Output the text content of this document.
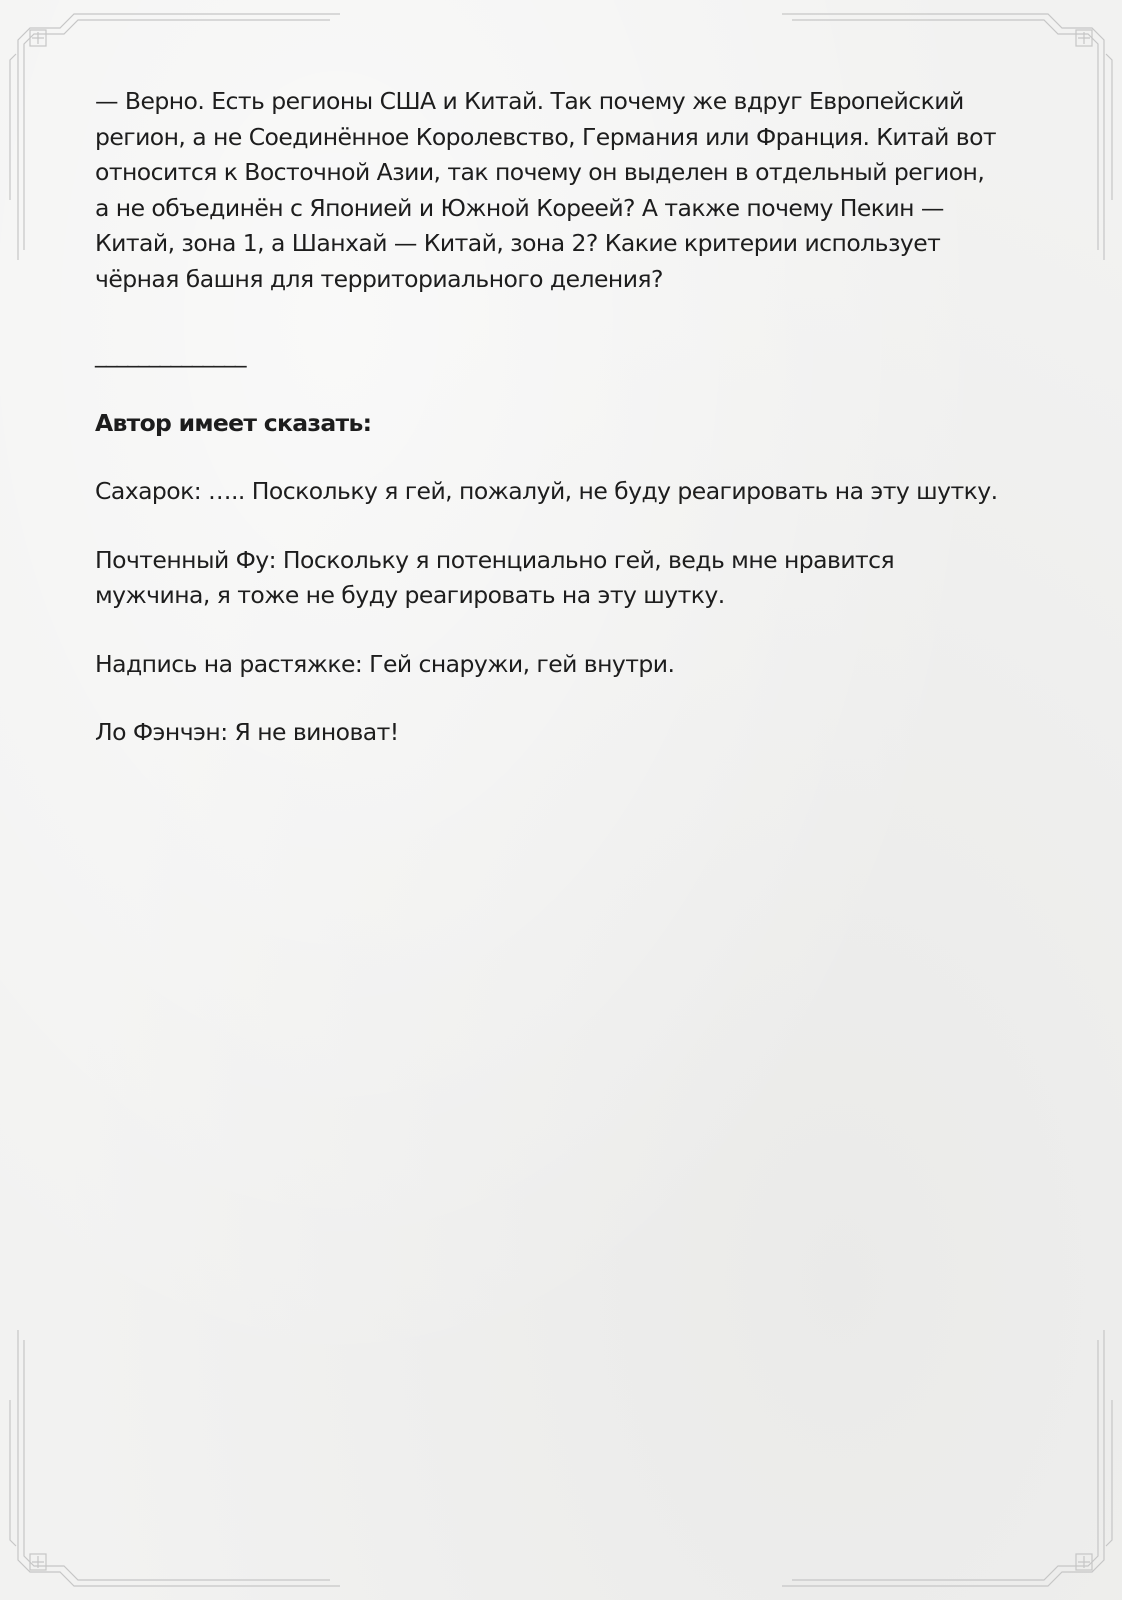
— Верно. Есть регионы США и Китай. Так почему же вдруг Европейский
регион, а не Соединённое Королевство, Германия или Франция. Китай вот
относится к Восточной Азии, так почему он выделен в отдельный регион,
а не объединён с Японией и Южной Кореей? А также почему Пекин —
Китай, зона 1, а Шанхай — Китай, зона 2? Какие критерии использует
чёрная башня для территориального деления?

______________

Автор имеет сказать:

Сахарок: ….. Поскольку я гей, пожалуй, не буду реагировать на эту шутку.

Почтенный Фу: Поскольку я потенциально гей, ведь мне нравится
мужчина, я тоже не буду реагировать на эту шутку.

Надпись на растяжке: Гей снаружи, гей внутри.

Ло Фэнчэн: Я не виноват!
